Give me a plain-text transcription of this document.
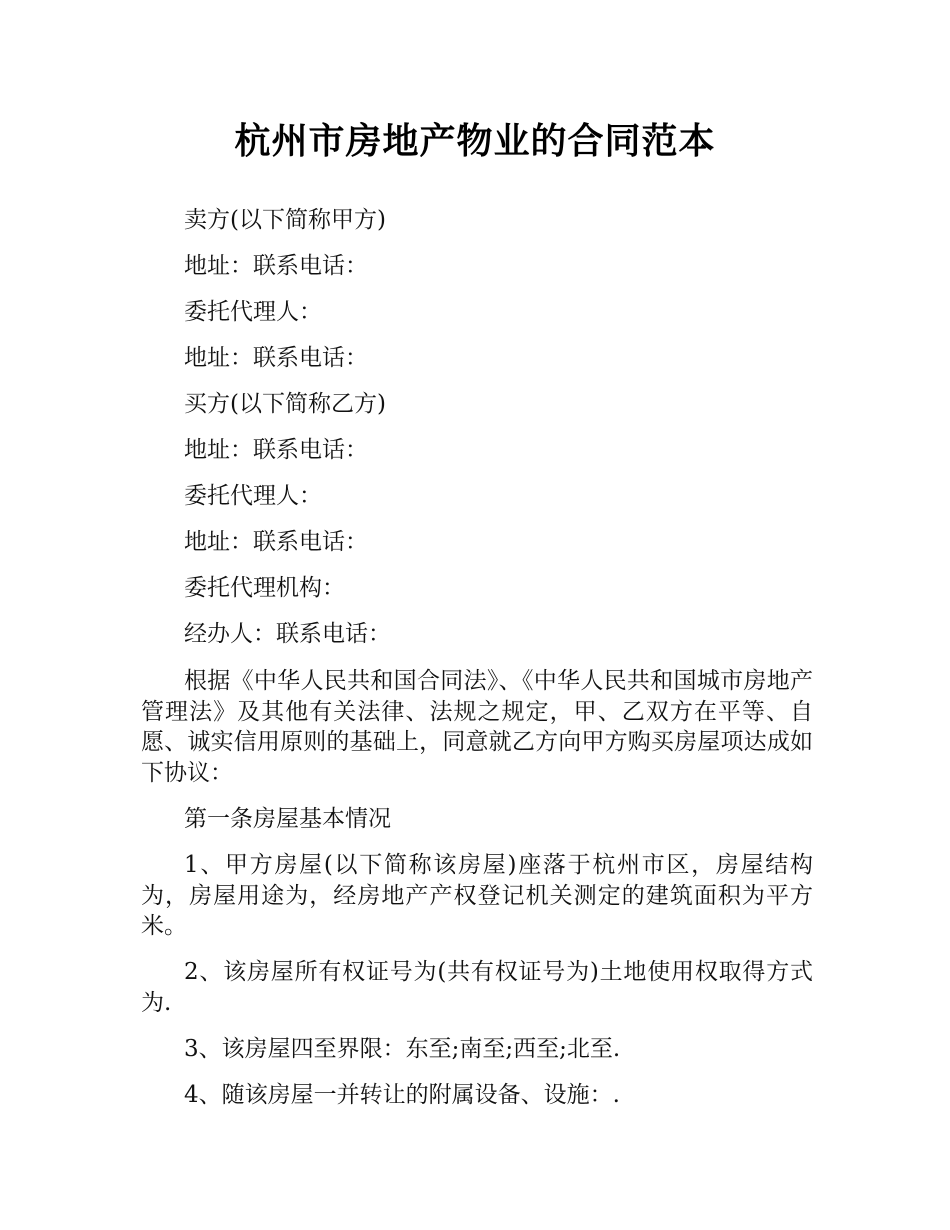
杭州市房地产物业的合同范本

卖方(以下简称甲方)

地址：联系电话：

委托代理人：

地址：联系电话：

买方(以下简称乙方)

地址：联系电话：

委托代理人：

地址：联系电话：

委托代理机构：

经办人：联系电话：

根据《中华人民共和国合同法》、《中华人民共和国城市房地产管理法》及其他有关法律、法规之规定，甲、乙双方在平等、自愿、诚实信用原则的基础上，同意就乙方向甲方购买房屋项达成如下协议：

第一条房屋基本情况

1、甲方房屋(以下简称该房屋)座落于杭州市区，房屋结构为，房屋用途为，经房地产产权登记机关测定的建筑面积为平方米。

2、该房屋所有权证号为(共有权证号为)土地使用权取得方式为.

3、该房屋四至界限：东至;南至;西至;北至.

4、随该房屋一并转让的附属设备、设施：.
